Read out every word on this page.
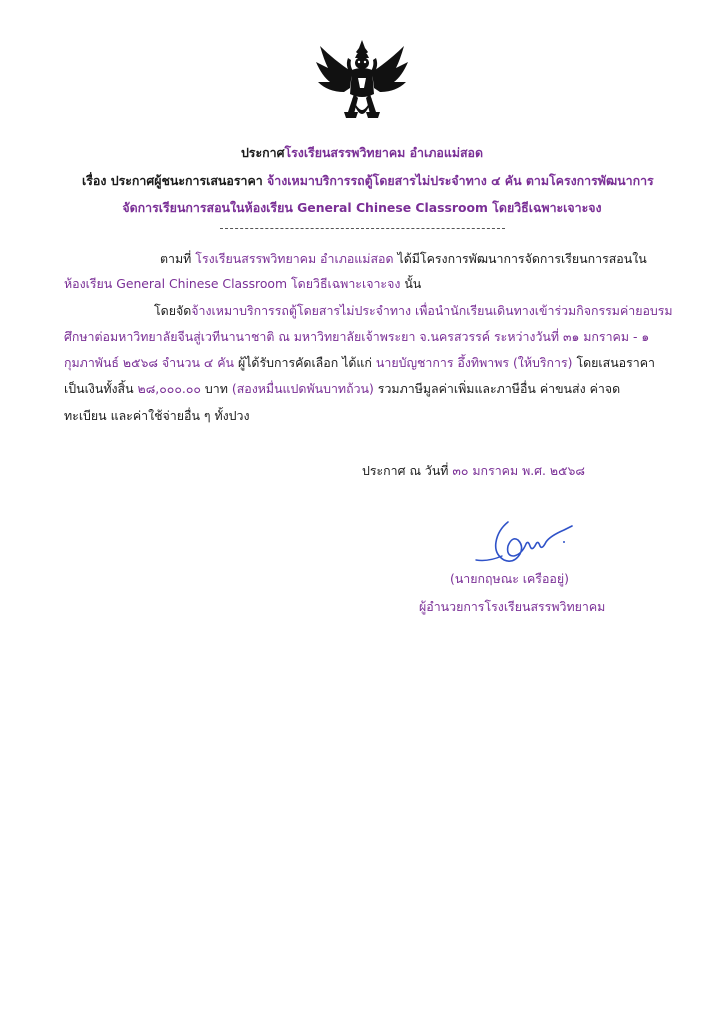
ประกาศโรงเรียนสรรพวิทยาคม อำเภอแม่สอด
เรื่อง ประกาศผู้ชนะการเสนอราคา จ้างเหมาบริการรถตู้โดยสารไม่ประจำทาง ๔ คัน ตามโครงการพัฒนาการ
จัดการเรียนการสอนในห้องเรียน General Chinese Classroom โดยวิธีเฉพาะเจาะจง
ตามที่ โรงเรียนสรรพวิทยาคม อำเภอแม่สอด ได้มีโครงการพัฒนาการจัดการเรียนการสอนใน
ห้องเรียน General Chinese Classroom โดยวิธีเฉพาะเจาะจง นั้น
โดยจัดจ้างเหมาบริการรถตู้โดยสารไม่ประจำทาง เพื่อนำนักเรียนเดินทางเข้าร่วมกิจกรรมค่ายอบรม
ศึกษาต่อมหาวิทยาลัยจีนสู่เวทีนานาชาติ ณ มหาวิทยาลัยเจ้าพระยา จ.นครสวรรค์ ระหว่างวันที่ ๓๑ มกราคม - ๑
กุมภาพันธ์ ๒๕๖๘ จำนวน ๔ คัน ผู้ได้รับการคัดเลือก ได้แก่ นายบัญชาการ อึ้งทิพาพร (ให้บริการ) โดยเสนอราคา
เป็นเงินทั้งสิ้น ๒๘,๐๐๐.๐๐ บาท (สองหมื่นแปดพันบาทถ้วน) รวมภาษีมูลค่าเพิ่มและภาษีอื่น ค่าขนส่ง ค่าจด
ทะเบียน และค่าใช้จ่ายอื่น ๆ ทั้งปวง
ประกาศ ณ วันที่ ๓๐ มกราคม พ.ศ. ๒๕๖๘
(นายกฤษณะ เครืออยู่)
ผู้อำนวยการโรงเรียนสรรพวิทยาคม
